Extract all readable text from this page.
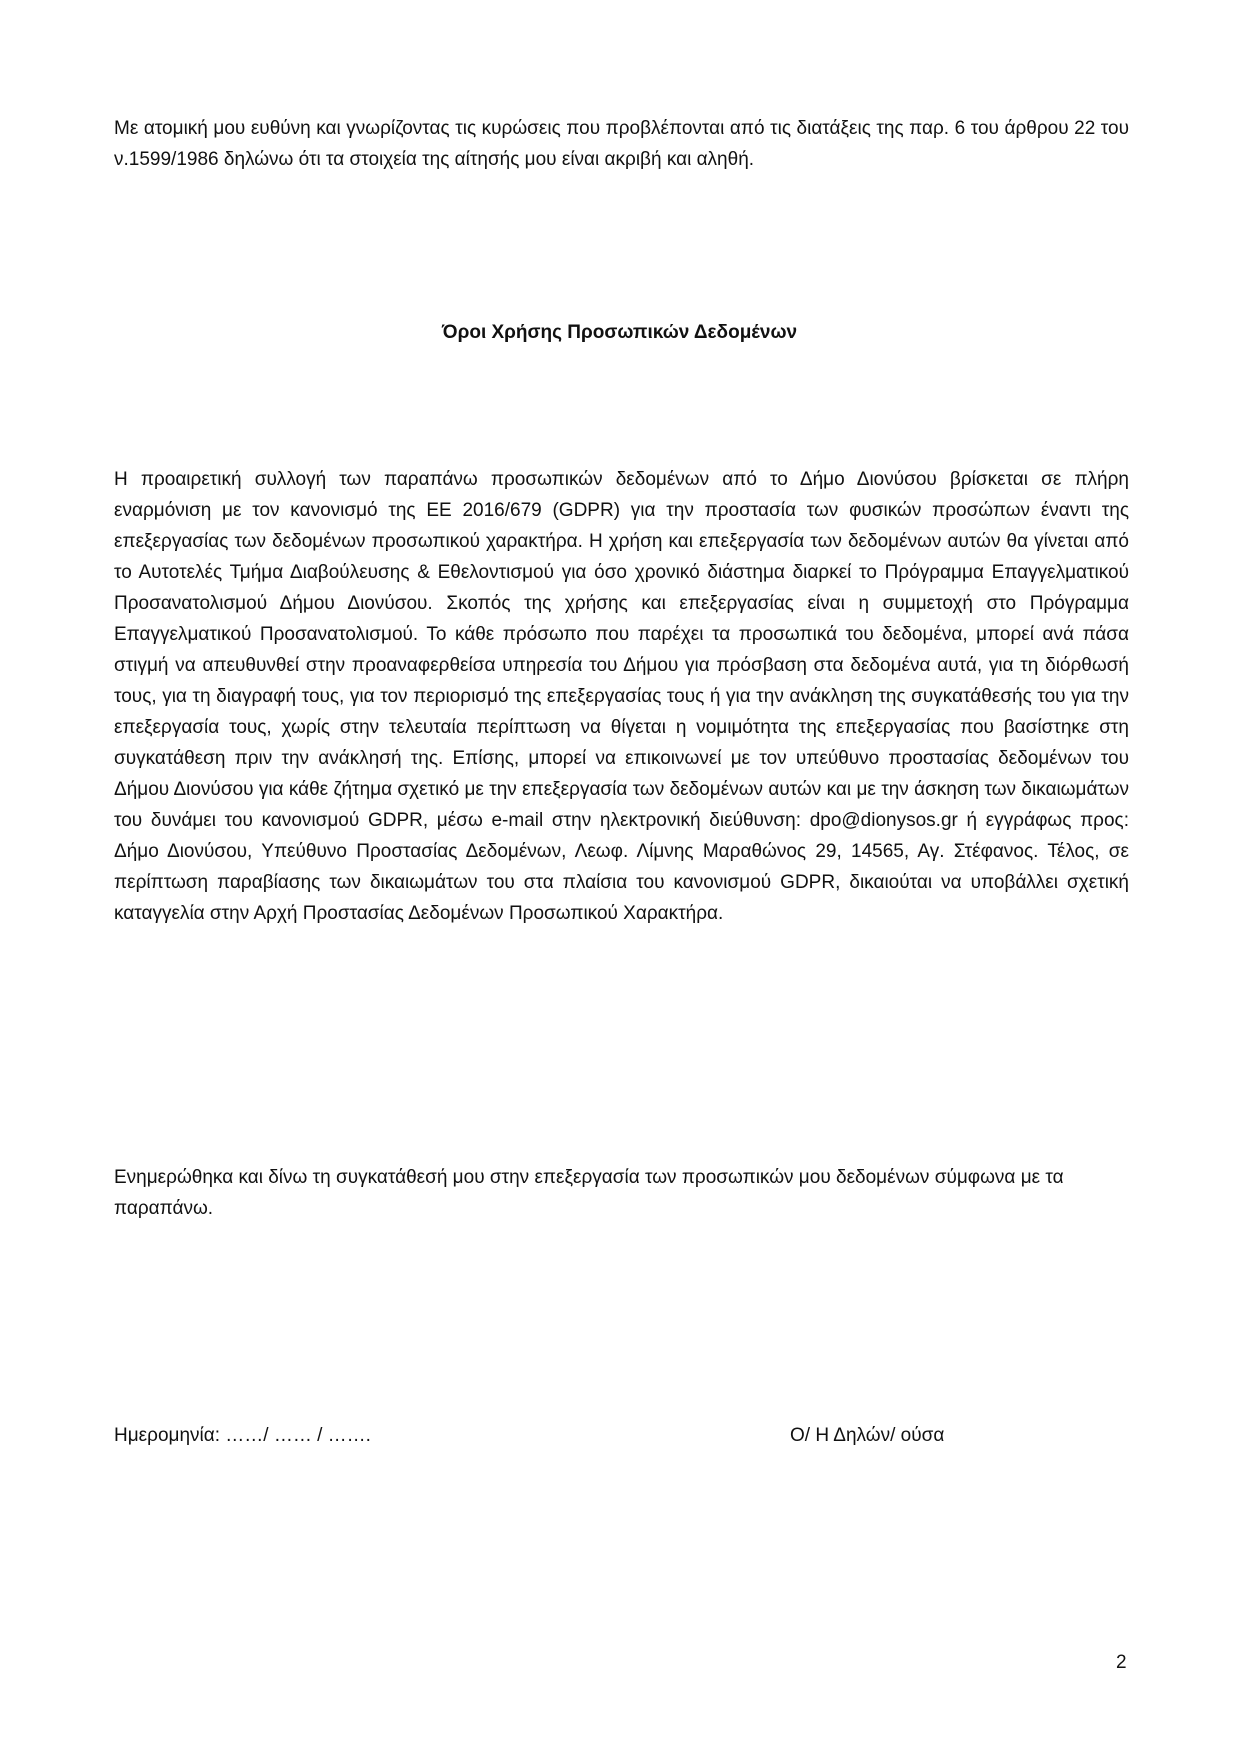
Με ατομική μου ευθύνη και γνωρίζοντας τις κυρώσεις που προβλέπονται από τις διατάξεις της παρ. 6 του άρθρου 22 του ν.1599/1986 δηλώνω ότι τα στοιχεία της αίτησής μου είναι ακριβή και αληθή.

Όροι Χρήσης Προσωπικών Δεδομένων

Η προαιρετική συλλογή των παραπάνω προσωπικών δεδομένων από το Δήμο Διονύσου βρίσκεται σε πλήρη εναρμόνιση με τον κανονισμό της ΕΕ 2016/679 (GDPR) για την προστασία των φυσικών προσώπων έναντι της επεξεργασίας των δεδομένων προσωπικού χαρακτήρα. Η χρήση και επεξεργασία των δεδομένων αυτών θα γίνεται από το Αυτοτελές Τμήμα Διαβούλευσης & Εθελοντισμού για όσο χρονικό διάστημα διαρκεί το Πρόγραμμα Επαγγελματικού Προσανατολισμού Δήμου Διονύσου. Σκοπός της χρήσης και επεξεργασίας είναι η συμμετοχή στο Πρόγραμμα Επαγγελματικού Προσανατολισμού. Το κάθε πρόσωπο που παρέχει τα προσωπικά του δεδομένα, μπορεί ανά πάσα στιγμή να απευθυνθεί στην προαναφερθείσα υπηρεσία του Δήμου για πρόσβαση στα δεδομένα αυτά, για τη διόρθωσή τους, για τη διαγραφή τους, για τον περιορισμό της επεξεργασίας τους ή για την ανάκληση της συγκατάθεσής του για την επεξεργασία τους, χωρίς στην τελευταία περίπτωση να θίγεται η νομιμότητα της επεξεργασίας που βασίστηκε στη συγκατάθεση πριν την ανάκλησή της. Επίσης, μπορεί να επικοινωνεί με τον υπεύθυνο προστασίας δεδομένων του Δήμου Διονύσου για κάθε ζήτημα σχετικό με την επεξεργασία των δεδομένων αυτών και με την άσκηση των δικαιωμάτων του δυνάμει του κανονισμού GDPR, μέσω e-mail στην ηλεκτρονική διεύθυνση: dpo@dionysos.gr ή εγγράφως προς: Δήμο Διονύσου, Υπεύθυνο Προστασίας Δεδομένων, Λεωφ. Λίμνης Μαραθώνος 29, 14565, Αγ. Στέφανος. Τέλος, σε περίπτωση παραβίασης των δικαιωμάτων του στα πλαίσια του κανονισμού GDPR, δικαιούται να υποβάλλει σχετική καταγγελία στην Αρχή Προστασίας Δεδομένων Προσωπικού Χαρακτήρα.

Ενημερώθηκα και δίνω τη συγκατάθεσή μου στην επεξεργασία των προσωπικών μου δεδομένων σύμφωνα με τα παραπάνω.

Ημερομηνία: ……/ …… / …….	Ο/ Η Δηλών/ ούσα

2
